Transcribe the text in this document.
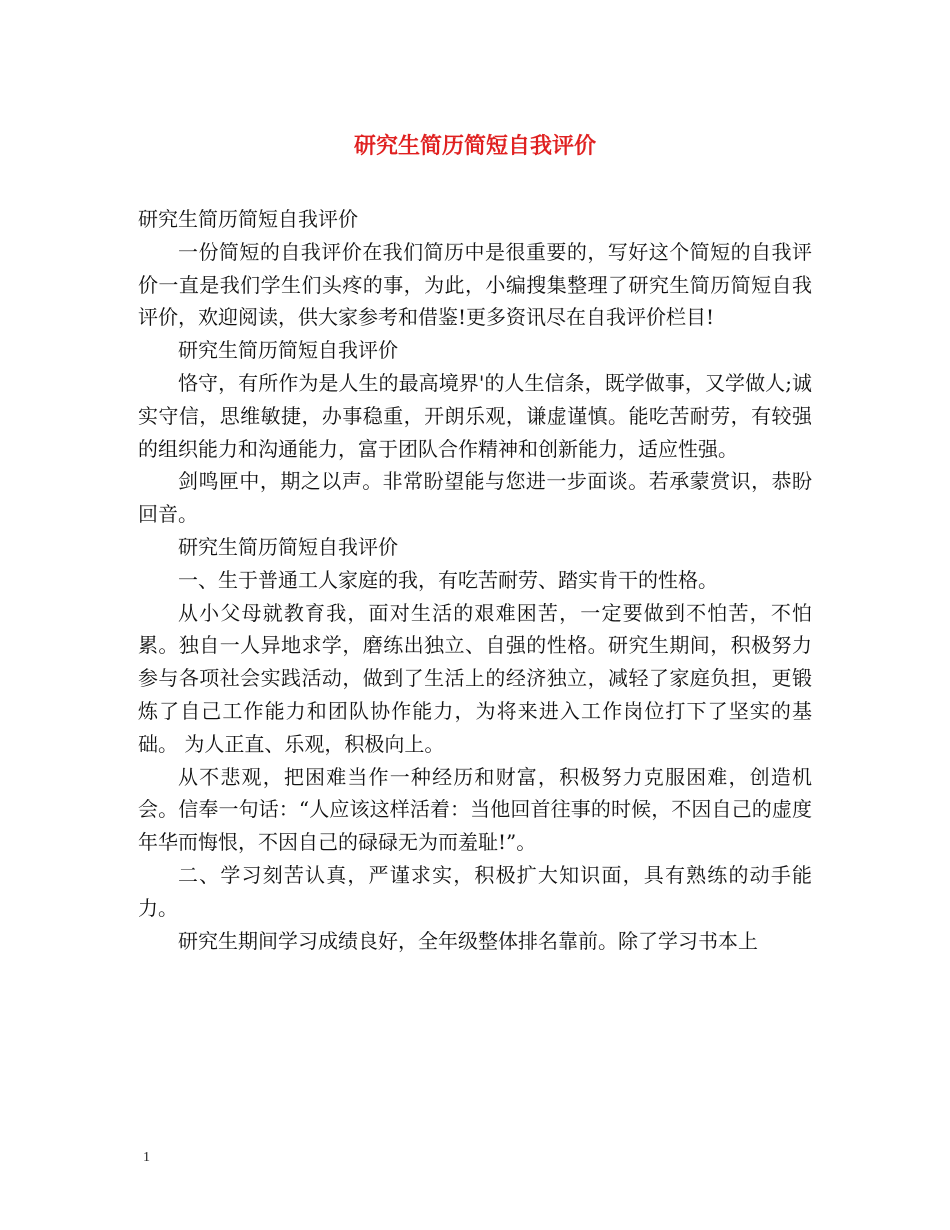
研究生简历简短自我评价

研究生简历简短自我评价

一份简短的自我评价在我们简历中是很重要的，写好这个简短的自我评价一直是我们学生们头疼的事，为此，小编搜集整理了研究生简历简短自我评价，欢迎阅读，供大家参考和借鉴!更多资讯尽在自我评价栏目!

研究生简历简短自我评价

恪守，有所作为是人生的最高境界'的人生信条，既学做事，又学做人;诚实守信，思维敏捷，办事稳重，开朗乐观，谦虚谨慎。能吃苦耐劳，有较强的组织能力和沟通能力，富于团队合作精神和创新能力，适应性强。

剑鸣匣中，期之以声。非常盼望能与您进一步面谈。若承蒙赏识，恭盼回音。

研究生简历简短自我评价

一、生于普通工人家庭的我，有吃苦耐劳、踏实肯干的性格。

从小父母就教育我，面对生活的艰难困苦，一定要做到不怕苦，不怕累。独自一人异地求学，磨练出独立、自强的性格。研究生期间，积极努力参与各项社会实践活动，做到了生活上的经济独立，减轻了家庭负担，更锻炼了自己工作能力和团队协作能力，为将来进入工作岗位打下了坚实的基础。 为人正直、乐观，积极向上。

从不悲观，把困难当作一种经历和财富，积极努力克服困难，创造机会。信奉一句话：“人应该这样活着：当他回首往事的时候，不因自己的虚度年华而悔恨，不因自己的碌碌无为而羞耻!”。

二、学习刻苦认真，严谨求实，积极扩大知识面，具有熟练的动手能力。

研究生期间学习成绩良好，全年级整体排名靠前。除了学习书本上

1
